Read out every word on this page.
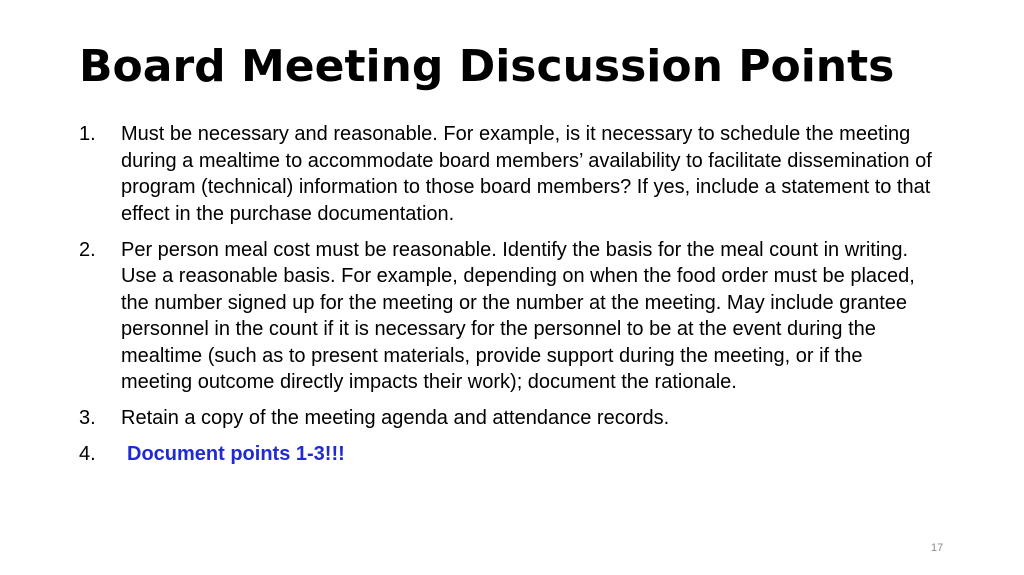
Board Meeting Discussion Points
1.	Must be necessary and reasonable. For example, is it necessary to schedule the meeting during a mealtime to accommodate board members’ availability to facilitate dissemination of program (technical) information to those board members? If yes, include a statement to that effect in the purchase documentation.
2.	Per person meal cost must be reasonable. Identify the basis for the meal count in writing. Use a reasonable basis. For example, depending on when the food order must be placed, the number signed up for the meeting or the number at the meeting. May include grantee personnel in the count if it is necessary for the personnel to be at the event during the mealtime (such as to present materials, provide support during the meeting, or if the meeting outcome directly impacts their work); document the rationale.
3.	Retain a copy of the meeting agenda and attendance records.
4.	Document points 1-3!!!
17
